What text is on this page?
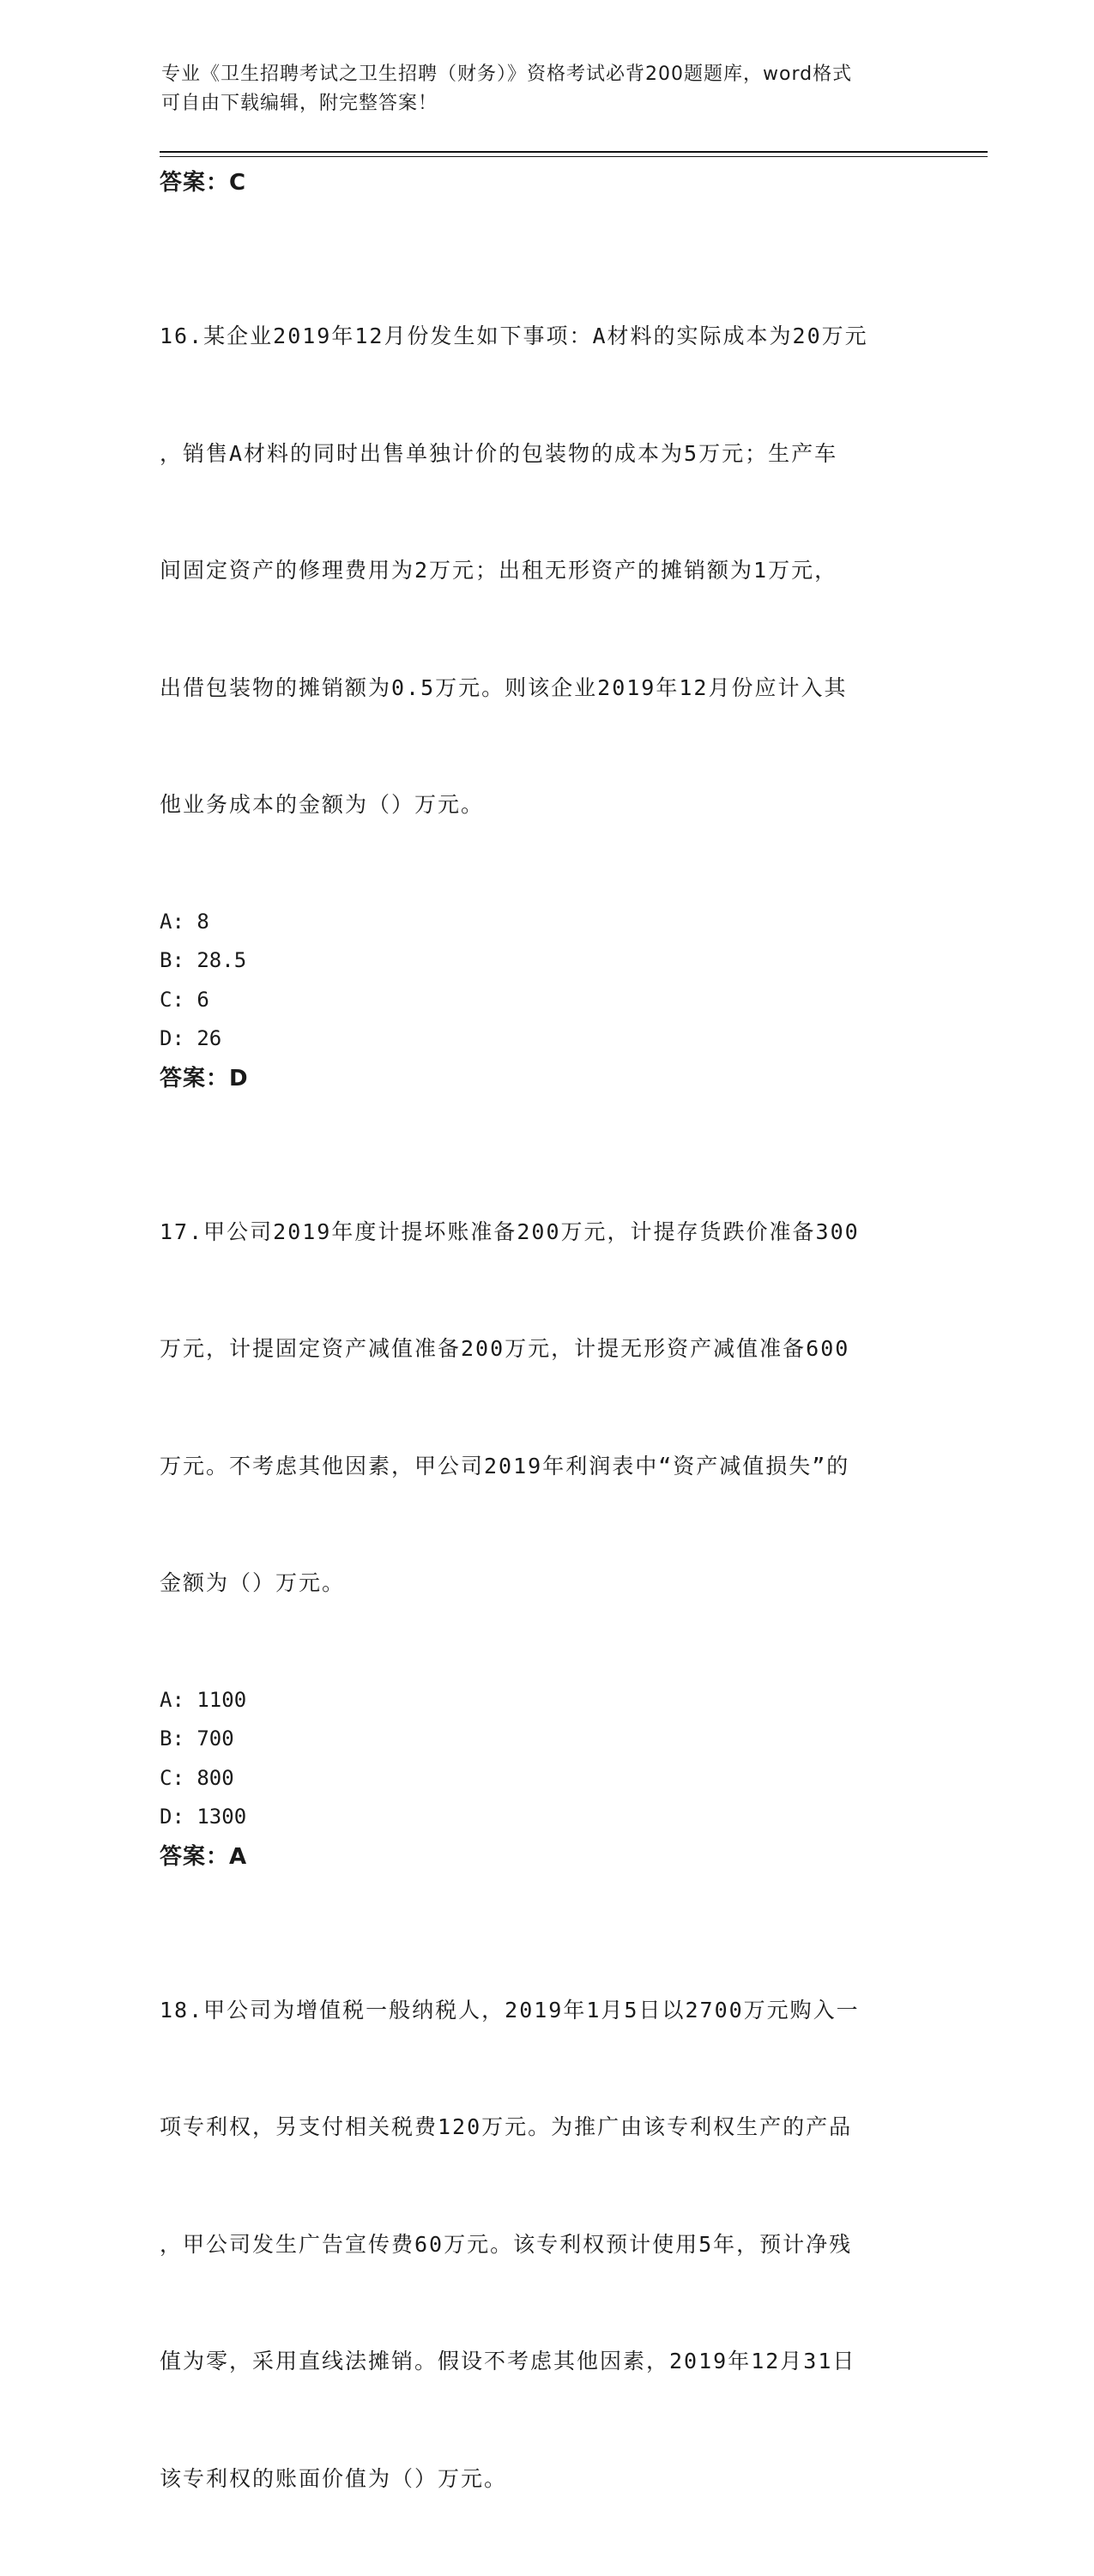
专业《卫生招聘考试之卫生招聘（财务）》资格考试必背200题题库，word格式
可自由下载编辑，附完整答案！
答案：C

16.某企业2019年12月份发生如下事项：A材料的实际成本为20万元

，销售A材料的同时出售单独计价的包装物的成本为5万元；生产车

间固定资产的修理费用为2万元；出租无形资产的摊销额为1万元，

出借包装物的摊销额为0.5万元。则该企业2019年12月份应计入其

他业务成本的金额为（）万元。

A: 8
B: 28.5
C: 6
D: 26
答案：D

17.甲公司2019年度计提坏账准备200万元，计提存货跌价准备300

万元，计提固定资产减值准备200万元，计提无形资产减值准备600

万元。不考虑其他因素，甲公司2019年利润表中“资产减值损失”的

金额为（）万元。

A: 1100
B: 700
C: 800
D: 1300
答案：A

18.甲公司为增值税一般纳税人，2019年1月5日以2700万元购入一

项专利权，另支付相关税费120万元。为推广由该专利权生产的产品

，甲公司发生广告宣传费60万元。该专利权预计使用5年，预计净残

值为零，采用直线法摊销。假设不考虑其他因素，2019年12月31日

该专利权的账面价值为（）万元。
